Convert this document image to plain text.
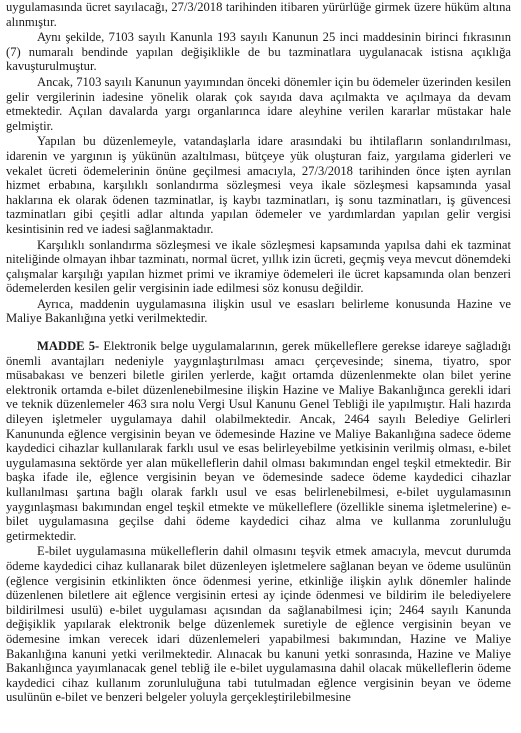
uygulamasında ücret sayılacağı, 27/3/2018 tarihinden itibaren yürürlüğe girmek üzere hüküm altına alınmıştır.

Aynı şekilde, 7103 sayılı Kanunla 193 sayılı Kanunun 25 inci maddesinin birinci fıkrasının (7) numaralı bendinde yapılan değişiklikle de bu tazminatlara uygulanacak istisna açıklığa kavuşturulmuştur.

Ancak, 7103 sayılı Kanunun yayımından önceki dönemler için bu ödemeler üzerinden kesilen gelir vergilerinin iadesine yönelik olarak çok sayıda dava açılmakta ve açılmaya da devam etmektedir. Açılan davalarda yargı organlarınca idare aleyhine verilen kararlar müstakar hale gelmiştir.

Yapılan bu düzenlemeyle, vatandaşlarla idare arasındaki bu ihtilafların sonlandırılması, idarenin ve yargının iş yükünün azaltılması, bütçeye yük oluşturan faiz, yargılama giderleri ve vekalet ücreti ödemelerinin önüne geçilmesi amacıyla, 27/3/2018 tarihinden önce işten ayrılan hizmet erbabına, karşılıklı sonlandırma sözleşmesi veya ikale sözleşmesi kapsamında yasal haklarına ek olarak ödenen tazminatlar, iş kaybı tazminatları, iş sonu tazminatları, iş güvencesi tazminatları gibi çeşitli adlar altında yapılan ödemeler ve yardımlardan yapılan gelir vergisi kesintisinin red ve iadesi sağlanmaktadır.

Karşılıklı sonlandırma sözleşmesi ve ikale sözleşmesi kapsamında yapılsa dahi ek tazminat niteliğinde olmayan ihbar tazminatı, normal ücret, yıllık izin ücreti, geçmiş veya mevcut dönemdeki çalışmalar karşılığı yapılan hizmet primi ve ikramiye ödemeleri ile ücret kapsamında olan benzeri ödemelerden kesilen gelir vergisinin iade edilmesi söz konusu değildir.

Ayrıca, maddenin uygulamasına ilişkin usul ve esasları belirleme konusunda Hazine ve Maliye Bakanlığına yetki verilmektedir.

MADDE 5- Elektronik belge uygulamalarının, gerek mükelleflere gerekse idareye sağladığı önemli avantajları nedeniyle yaygınlaştırılması amacı çerçevesinde; sinema, tiyatro, spor müsabakası ve benzeri biletle girilen yerlerde, kağıt ortamda düzenlenmekte olan bilet yerine elektronik ortamda e-bilet düzenlenebilmesine ilişkin Hazine ve Maliye Bakanlığınca gerekli idari ve teknik düzenlemeler 463 sıra nolu Vergi Usul Kanunu Genel Tebliği ile yapılmıştır. Hali hazırda dileyen işletmeler uygulamaya dahil olabilmektedir. Ancak, 2464 sayılı Belediye Gelirleri Kanununda eğlence vergisinin beyan ve ödemesinde Hazine ve Maliye Bakanlığına sadece ödeme kaydedici cihazlar kullanılarak farklı usul ve esas belirleyebilme yetkisinin verilmiş olması, e-bilet uygulamasına sektörde yer alan mükelleflerin dahil olması bakımından engel teşkil etmektedir. Bir başka ifade ile, eğlence vergisinin beyan ve ödemesinde sadece ödeme kaydedici cihazlar kullanılması şartına bağlı olarak farklı usul ve esas belirlenebilmesi, e-bilet uygulamasının yaygınlaşması bakımından engel teşkil etmekte ve mükelleflere (özellikle sinema işletmelerine) e-bilet uygulamasına geçilse dahi ödeme kaydedici cihaz alma ve kullanma zorunluluğu getirmektedir.

E-bilet uygulamasına mükelleflerin dahil olmasını teşvik etmek amacıyla, mevcut durumda ödeme kaydedici cihaz kullanarak bilet düzenleyen işletmelere sağlanan beyan ve ödeme usulünün (eğlence vergisinin etkinlikten önce ödenmesi yerine, etkinliğe ilişkin aylık dönemler halinde düzenlenen biletlere ait eğlence vergisinin ertesi ay içinde ödenmesi ve bildirim ile belediyelere bildirilmesi usulü) e-bilet uygulaması açısından da sağlanabilmesi için; 2464 sayılı Kanunda değişiklik yapılarak elektronik belge düzenlemek suretiyle de eğlence vergisinin beyan ve ödemesine imkan verecek idari düzenlemeleri yapabilmesi bakımından, Hazine ve Maliye Bakanlığına kanuni yetki verilmektedir. Alınacak bu kanuni yetki sonrasında, Hazine ve Maliye Bakanlığınca yayımlanacak genel tebliğ ile e-bilet uygulamasına dahil olacak mükelleflerin ödeme kaydedici cihaz kullanım zorunluluğuna tabi tutulmadan eğlence vergisinin beyan ve ödeme usulünün e-bilet ve benzeri belgeler yoluyla gerçekleştirilebilmesine
